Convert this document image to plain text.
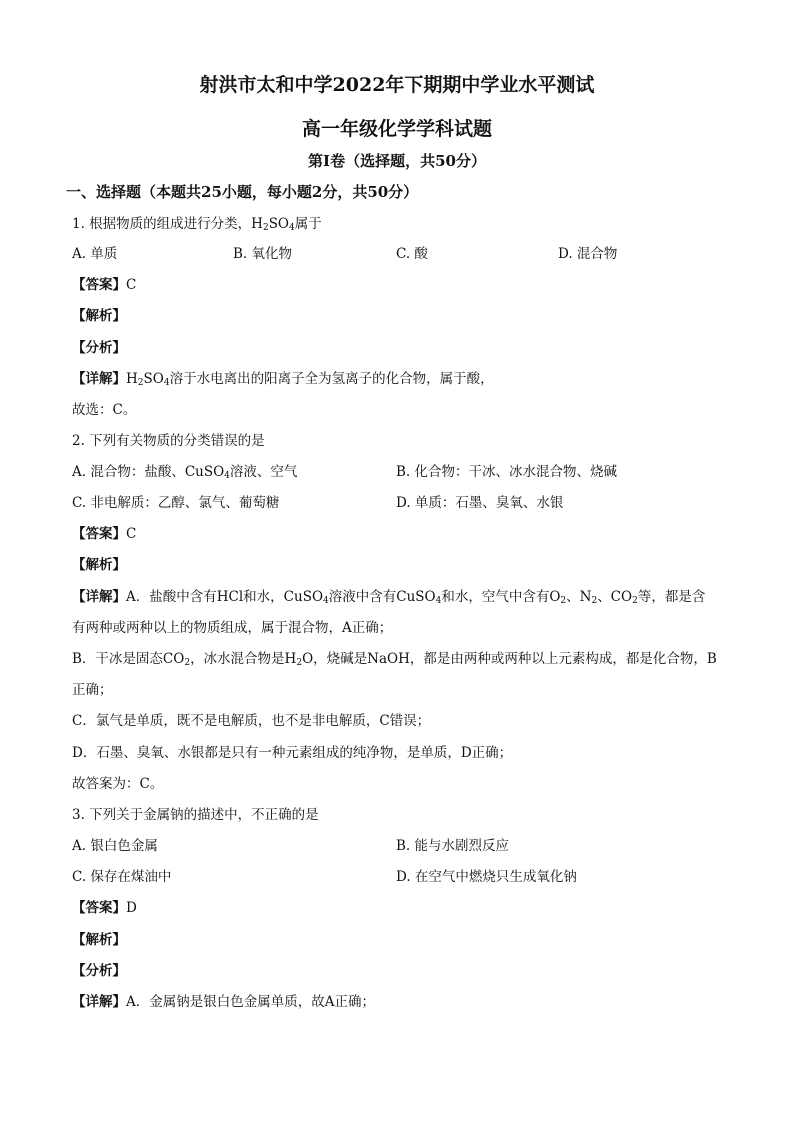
射洪市太和中学2022年下期期中学业水平测试
高一年级化学学科试题
第Ⅰ卷（选择题，共50分）
一、选择题（本题共25小题，每小题2分，共50分）
1. 根据物质的组成进行分类，$H_2SO_4$属于
A. 单质	B. 氧化物	C. 酸	D. 混合物
【答案】C
【解析】
【分析】
【详解】$H_2SO_4$溶于水电离出的阳离子全为氢离子的化合物，属于酸，
故选：C。
2. 下列有关物质的分类错误的是
A. 混合物：盐酸、CuSO$_4$溶液、空气	B. 化合物：干冰、冰水混合物、烧碱
C. 非电解质：乙醇、氯气、葡萄糖	D. 单质：石墨、臭氧、水银
【答案】C
【解析】
【详解】A．盐酸中含有HCl和水，CuSO$_4$溶液中含有CuSO$_4$和水，空气中含有$O_2$、$N_2$、$CO_2$等，都是含
有两种或两种以上的物质组成，属于混合物，A正确；
B．干冰是固态$CO_2$，冰水混合物是$H_2O$，烧碱是NaOH，都是由两种或两种以上元素构成，都是化合物，B
正确；
C．氯气是单质，既不是电解质，也不是非电解质，C错误；
D．石墨、臭氧、水银都是只有一种元素组成的纯净物，是单质，D正确；
故答案为：C。
3. 下列关于金属钠的描述中，不正确的是
A. 银白色金属	B. 能与水剧烈反应
C. 保存在煤油中	D. 在空气中燃烧只生成氧化钠
【答案】D
【解析】
【分析】
【详解】A．金属钠是银白色金属单质，故A正确；
